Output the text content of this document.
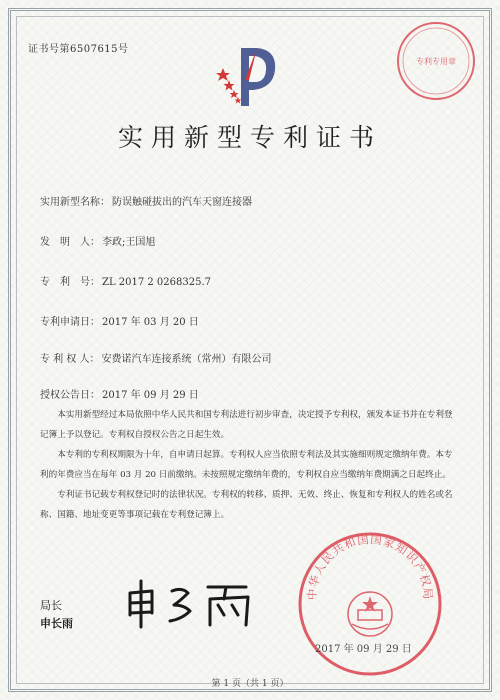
证书号第6507615号
专利专用章
实用新型专利证书
实用新型名称： 防误触碰拔出的汽车天窗连接器
发　明　人： 李政;王国旭
专　利　号： ZL 2017 2 0268325.7
专利申请日： 2017 年 03 月 20 日
专 利 权 人： 安费诺汽车连接系统（常州）有限公司
授权公告日： 2017 年 09 月 29 日

本实用新型经过本局依照中华人民共和国专利法进行初步审查，决定授予专利权，颁发本证书并在专利登记簿上予以登记。专利权自授权公告之日起生效。

本专利的专利权期限为十年，自申请日起算。专利权人应当依照专利法及其实施细则规定缴纳年费。本专利的年费应当在每年 03 月 20 日前缴纳。未按照规定缴纳年费的，专利权自应当缴纳年费期满之日起终止。

专利证书记载专利权登记时的法律状况。专利权的转移、质押、无效、终止、恢复和专利权人的姓名或名称、国籍、地址变更等事项记载在专利登记簿上。

局长
申长雨
中华人民共和国国家知识产权局
2017 年 09 月 29 日
第 1 页（共 1 页）
